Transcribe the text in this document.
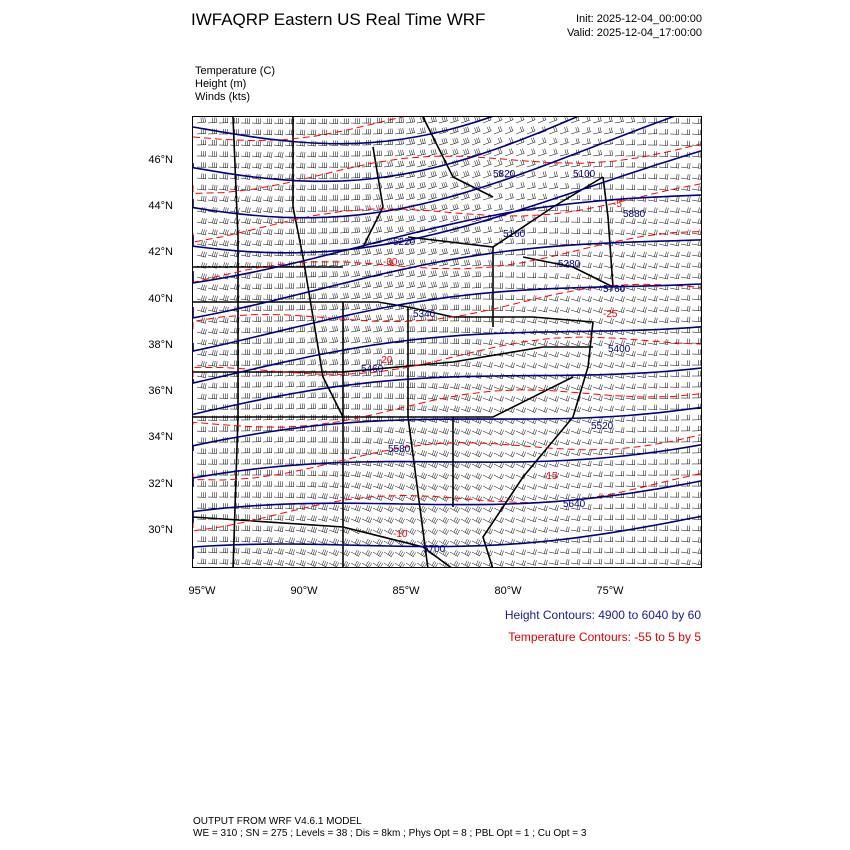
IWFAQRP Eastern US Real Time WRF	Init: 2025-12-04_00:00:00
Valid: 2025-12-04_17:00:00
Temperature (C)
Height (m)
Winds (kts)
5100
5160
5220
5280
5340
5400
5460
5520
5580
5640
5700
5760
5820
5880
-30
-25
-20
-15
-10
-5
46°N
44°N
42°N
40°N
38°N
36°N
34°N
32°N
30°N
95°W	90°W	85°W	80°W	75°W
Height Contours: 4900 to 6040 by 60
Temperature Contours: -55 to 5 by 5
OUTPUT FROM WRF V4.6.1 MODEL
WE = 310 ; SN = 275 ; Levels = 38 ; Dis = 8km ; Phys Opt = 8 ; PBL Opt = 1 ; Cu Opt = 3
